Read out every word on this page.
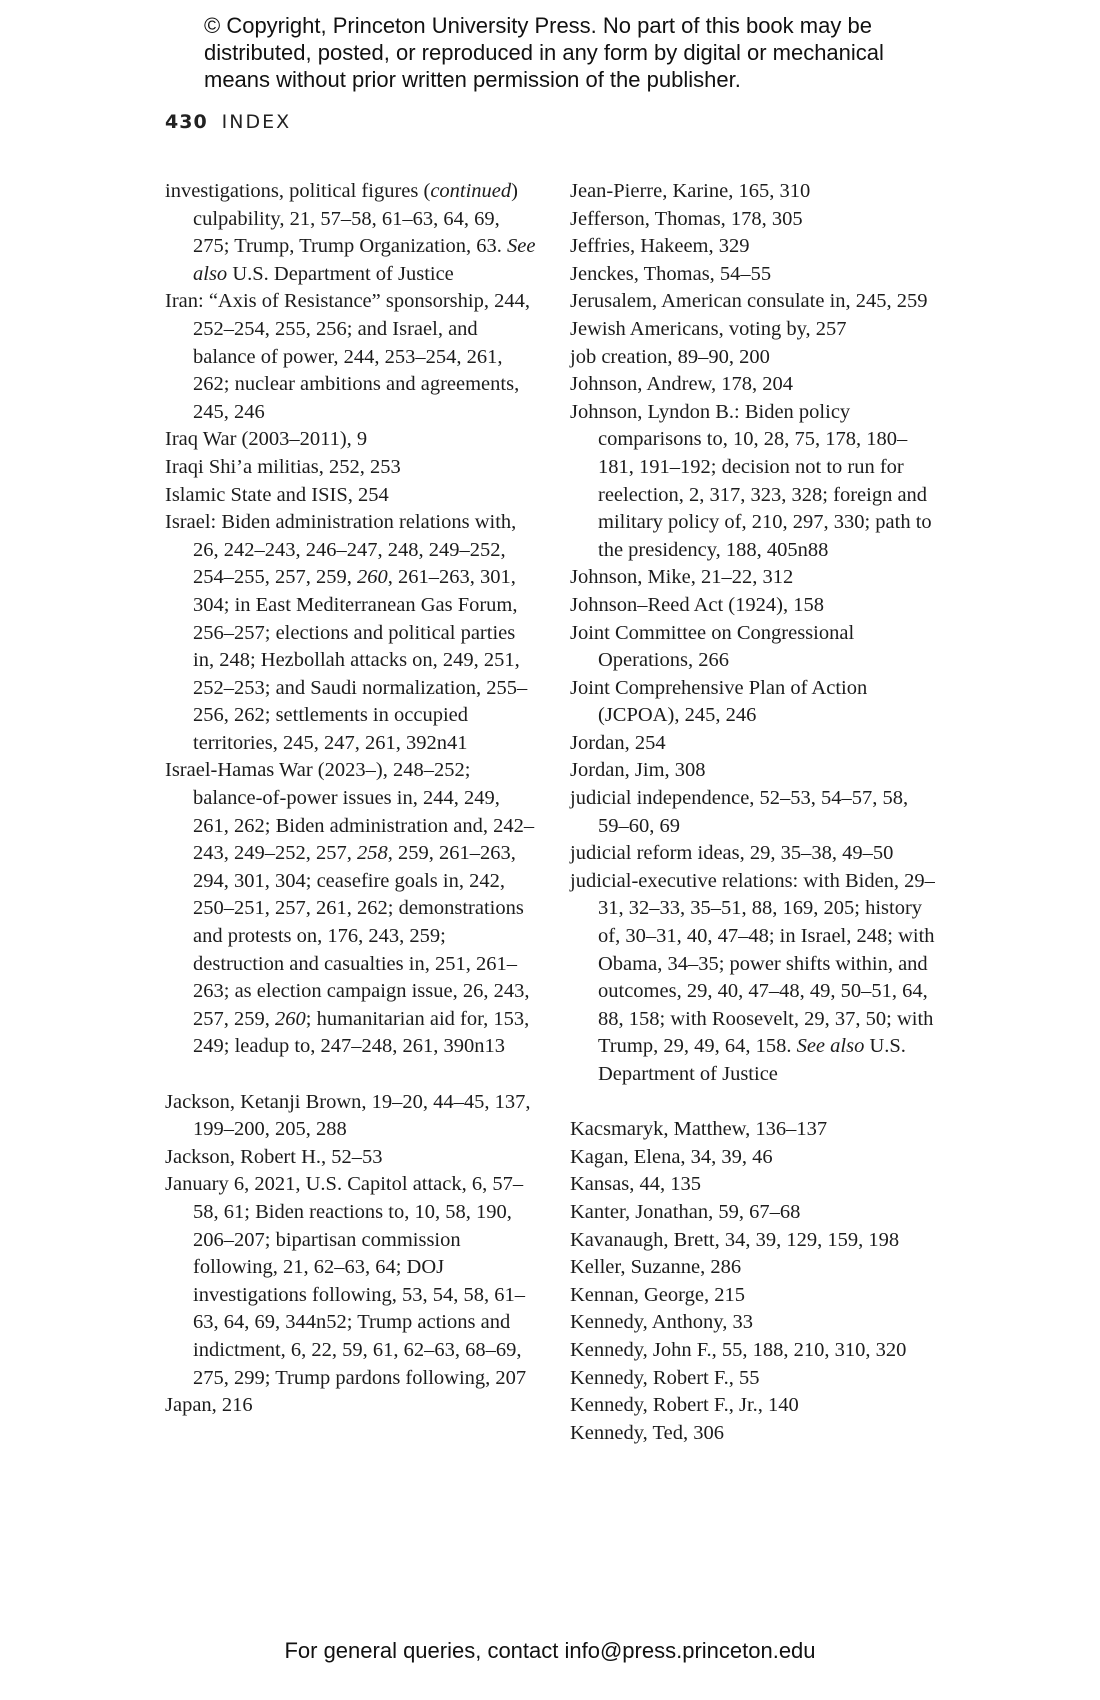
© Copyright, Princeton University Press. No part of this book may be
distributed, posted, or reproduced in any form by digital or mechanical
means without prior written permission of the publisher.
430 INDEX
investigations, political figures (continued) culpability, 21, 57–58, 61–63, 64, 69, 275; Trump, Trump Organization, 63. See also U.S. Department of Justice
Iran: “Axis of Resistance” sponsorship, 244, 252–254, 255, 256; and Israel, and balance of power, 244, 253–254, 261, 262; nuclear ambitions and agreements, 245, 246
Iraq War (2003–2011), 9
Iraqi Shi’a militias, 252, 253
Islamic State and ISIS, 254
Israel: Biden administration relations with, 26, 242–243, 246–247, 248, 249–252, 254–255, 257, 259, 260, 261–263, 301, 304; in East Mediterranean Gas Forum, 256–257; elections and political parties in, 248; Hezbollah attacks on, 249, 251, 252–253; and Saudi normalization, 255–256, 262; settlements in occupied territories, 245, 247, 261, 392n41
Israel-Hamas War (2023–), 248–252; balance-of-power issues in, 244, 249, 261, 262; Biden administration and, 242–243, 249–252, 257, 258, 259, 261–263, 294, 301, 304; ceasefire goals in, 242, 250–251, 257, 261, 262; demonstrations and protests on, 176, 243, 259; destruction and casualties in, 251, 261–263; as election campaign issue, 26, 243, 257, 259, 260; humanitarian aid for, 153, 249; leadup to, 247–248, 261, 390n13
Jackson, Ketanji Brown, 19–20, 44–45, 137, 199–200, 205, 288
Jackson, Robert H., 52–53
January 6, 2021, U.S. Capitol attack, 6, 57–58, 61; Biden reactions to, 10, 58, 190, 206–207; bipartisan commission following, 21, 62–63, 64; DOJ investigations following, 53, 54, 58, 61–63, 64, 69, 344n52; Trump actions and indictment, 6, 22, 59, 61, 62–63, 68–69, 275, 299; Trump pardons following, 207
Japan, 216
Jean-Pierre, Karine, 165, 310
Jefferson, Thomas, 178, 305
Jeffries, Hakeem, 329
Jenckes, Thomas, 54–55
Jerusalem, American consulate in, 245, 259
Jewish Americans, voting by, 257
job creation, 89–90, 200
Johnson, Andrew, 178, 204
Johnson, Lyndon B.: Biden policy comparisons to, 10, 28, 75, 178, 180–181, 191–192; decision not to run for reelection, 2, 317, 323, 328; foreign and military policy of, 210, 297, 330; path to the presidency, 188, 405n88
Johnson, Mike, 21–22, 312
Johnson–Reed Act (1924), 158
Joint Committee on Congressional Operations, 266
Joint Comprehensive Plan of Action (JCPOA), 245, 246
Jordan, 254
Jordan, Jim, 308
judicial independence, 52–53, 54–57, 58, 59–60, 69
judicial reform ideas, 29, 35–38, 49–50
judicial-executive relations: with Biden, 29–31, 32–33, 35–51, 88, 169, 205; history of, 30–31, 40, 47–48; in Israel, 248; with Obama, 34–35; power shifts within, and outcomes, 29, 40, 47–48, 49, 50–51, 64, 88, 158; with Roosevelt, 29, 37, 50; with Trump, 29, 49, 64, 158. See also U.S. Department of Justice
Kacsmaryk, Matthew, 136–137
Kagan, Elena, 34, 39, 46
Kansas, 44, 135
Kanter, Jonathan, 59, 67–68
Kavanaugh, Brett, 34, 39, 129, 159, 198
Keller, Suzanne, 286
Kennan, George, 215
Kennedy, Anthony, 33
Kennedy, John F., 55, 188, 210, 310, 320
Kennedy, Robert F., 55
Kennedy, Robert F., Jr., 140
Kennedy, Ted, 306
For general queries, contact info@press.princeton.edu
